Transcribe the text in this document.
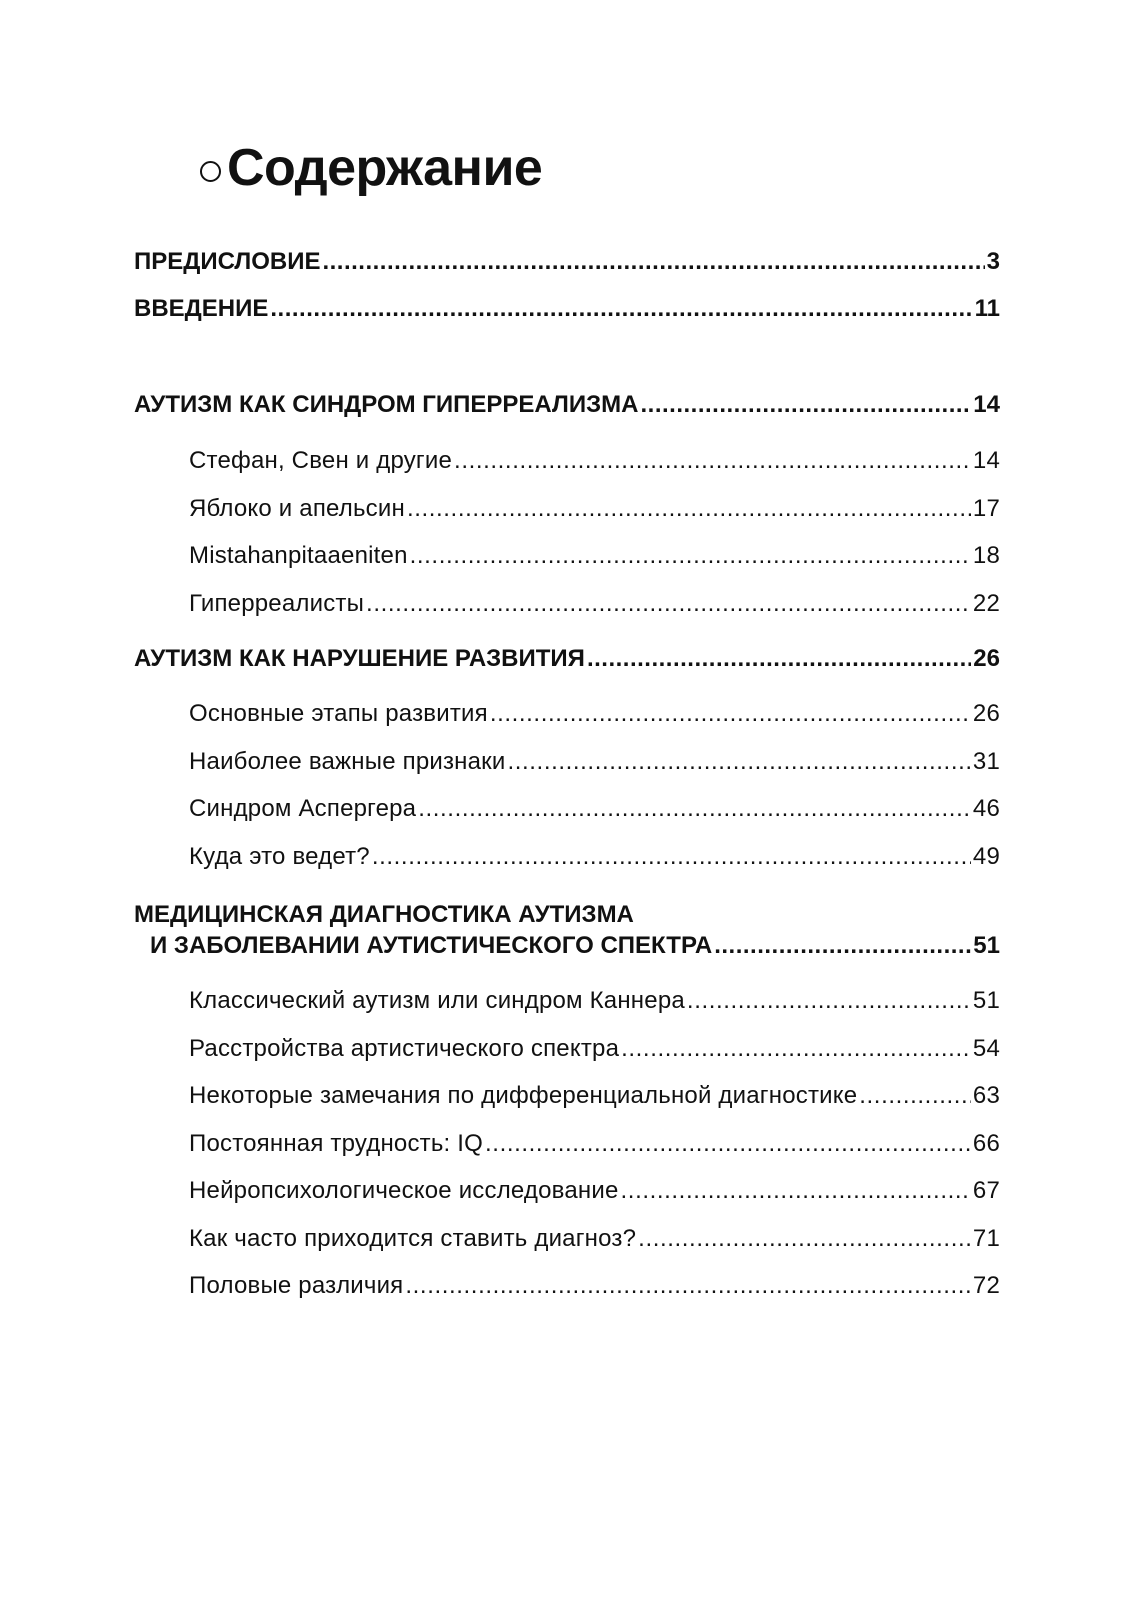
Содержание
ПРЕДИСЛОВИЕ .....	3
ВВЕДЕНИЕ .....	11
АУТИЗМ КАК СИНДРОМ ГИПЕРРЕАЛИЗМА .....	14
Стефан, Свен и другие .....	14
Яблоко и апельсин .....	17
Mistahanpitaaeniten .....	18
Гиперреалисты .....	22
АУТИЗМ КАК НАРУШЕНИЕ РАЗВИТИЯ .....	26
Основные этапы развития .....	26
Наиболее важные признаки .....	31
Синдром Аспергера .....	46
Куда это ведет? .....	49
МЕДИЦИНСКАЯ ДИАГНОСТИКА АУТИЗМА
И ЗАБОЛЕВАНИИ АУТИСТИЧЕСКОГО СПЕКТРА .....	51
Классический аутизм или синдром Каннера .....	51
Расстройства артистического спектра .....	54
Некоторые замечания по дифференциальной диагностике .....	63
Постоянная трудность: IQ .....	66
Нейропсихологическое исследование .....	67
Как часто приходится ставить диагноз? .....	71
Половые различия .....	72
